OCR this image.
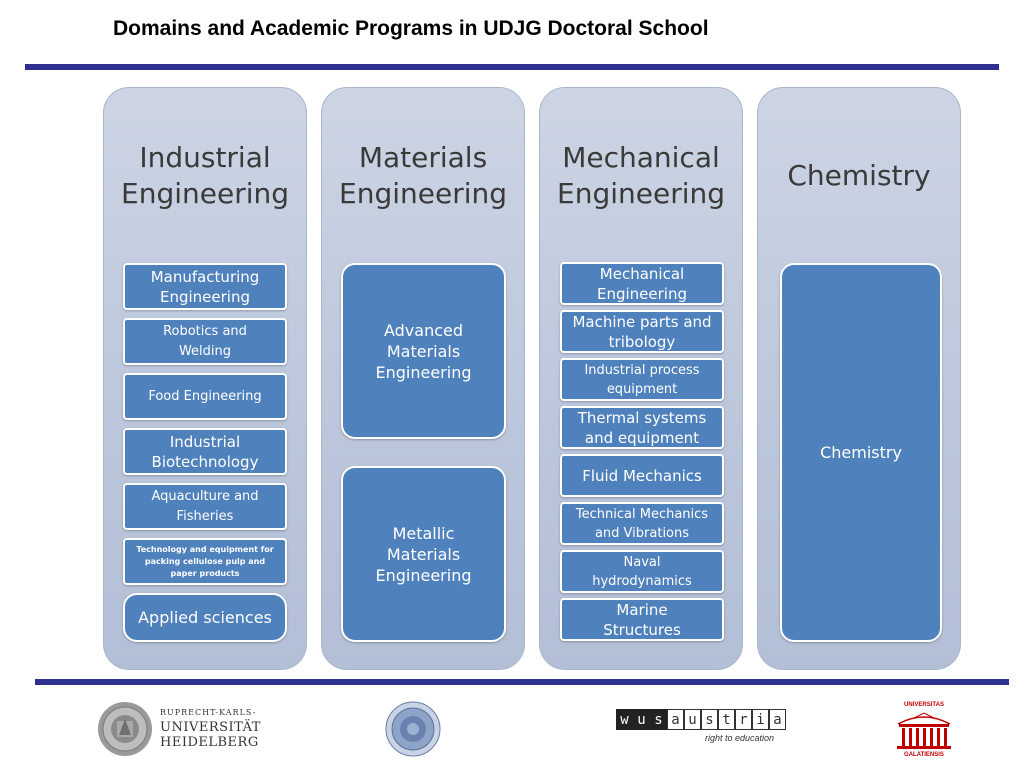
Domains and Academic Programs in UDJG Doctoral School
Industrial
Engineering
Manufacturing
Engineering
Robotics and
Welding
Food Engineering
Industrial
Biotechnology
Aquaculture and
Fisheries
Technology and equipment for
packing cellulose pulp and
paper products
Applied sciences
Materials
Engineering
Advanced
Materials
Engineering
Metallic
Materials
Engineering
Mechanical
Engineering
Mechanical
Engineering
Machine parts and
tribology
Industrial process
equipment
Thermal systems
and equipment
Fluid Mechanics
Technical Mechanics
and Vibrations
Naval
hydrodynamics
Marine
Structures
Chemistry
Chemistry
RUPRECHT-KARLS-
UNIVERSITÄT
HEIDELBERG
w u s a u s t r i a
right to education
UNIVERSITAS
GALATIENSIS
